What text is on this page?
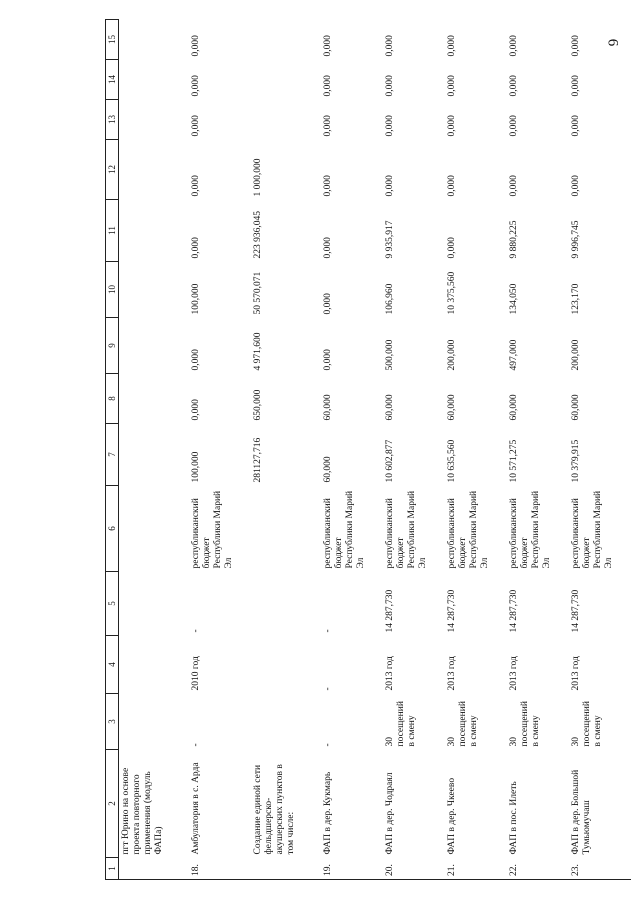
6
1	2	3	4	5	6	7	8	9	10	11	12	13	14	15
	пгт Юрино на основе проекта повторного применения (модуль ФАПа)													
18.	Амбулатория в с. Арда	-	2010 год	-	республиканский бюджет Республики Марий Эл	100,000	0,000	0,000	100,000	0,000	0,000	0,000	0,000	0,000
	Создание единой сети фельдшерско-акушерских пунктов в том числе:					281127,716	650,000	4 971,600	50 570,071	223 936,045	1 000,000			
19.	ФАП в дер. Кукмарь	-	-	-	республиканский бюджет Республики Марий Эл	60,000	60,000	0,000	0,000	0,000	0,000	0,000	0,000	0,000
20.	ФАП в дер. Чодраял	30 посещений в смену	2013 год	14 287,730	республиканский бюджет Республики Марий Эл	10 602,877	60,000	500,000	106,960	9 935,917	0,000	0,000	0,000	0,000
21.	ФАП в дер. Чкеево	30 посещений в смену	2013 год	14 287,730	республиканский бюджет Республики Марий Эл	10 635,560	60,000	200,000	10 375,560	0,000	0,000	0,000	0,000	0,000
22.	ФАП в пос. Илеть	30 посещений в смену	2013 год	14 287,730	республиканский бюджет Республики Марий Эл	10 571,275	60,000	497,000	134,050	9 880,225	0,000	0,000	0,000	0,000
23.	ФАП в дер. Большой Тумьюмучаш	30 посещений в смену	2013 год	14 287,730	республиканский бюджет Республики Марий Эл	10 379,915	60,000	200,000	123,170	9 996,745	0,000	0,000	0,000	0,000
